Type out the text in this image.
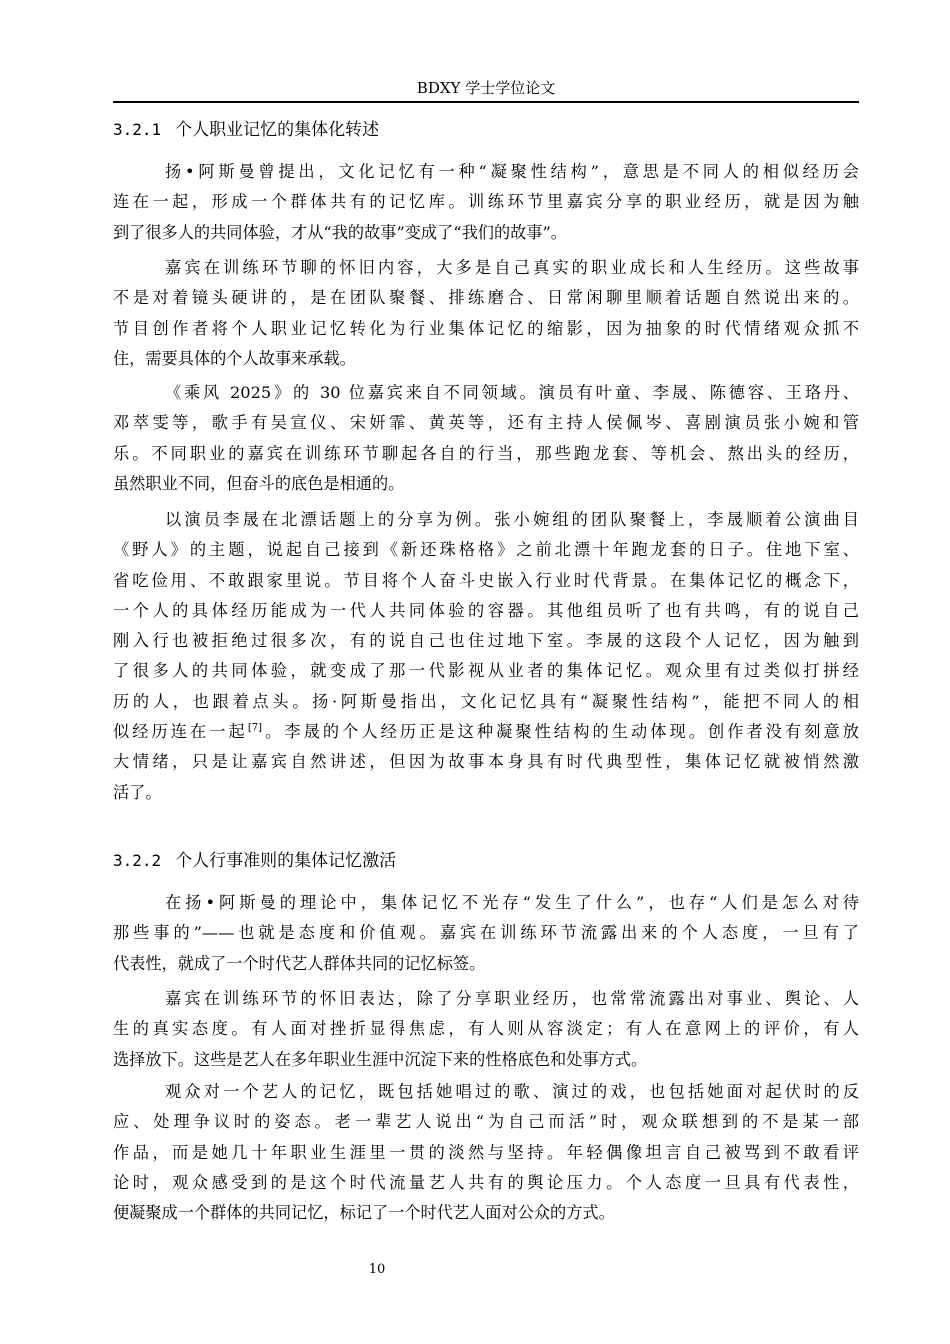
BDXY 学士学位论文
3.2.1 个人职业记忆的集体化转述
扬•阿斯曼曾提出，文化记忆有一种“凝聚性结构”，意思是不同人的相似经历会
连在一起，形成一个群体共有的记忆库。训练环节里嘉宾分享的职业经历，就是因为触
到了很多人的共同体验，才从“我的故事”变成了“我们的故事”。
嘉宾在训练环节聊的怀旧内容，大多是自己真实的职业成长和人生经历。这些故事
不是对着镜头硬讲的，是在团队聚餐、排练磨合、日常闲聊里顺着话题自然说出来的。
节目创作者将个人职业记忆转化为行业集体记忆的缩影，因为抽象的时代情绪观众抓不
住，需要具体的个人故事来承载。
《乘风 2025》的 30 位嘉宾来自不同领域。演员有叶童、李晟、陈德容、王珞丹、
邓萃雯等，歌手有吴宣仪、宋妍霏、黄英等，还有主持人侯佩岑、喜剧演员张小婉和管
乐。不同职业的嘉宾在训练环节聊起各自的行当，那些跑龙套、等机会、熬出头的经历，
虽然职业不同，但奋斗的底色是相通的。
以演员李晟在北漂话题上的分享为例。张小婉组的团队聚餐上，李晟顺着公演曲目
《野人》的主题，说起自己接到《新还珠格格》之前北漂十年跑龙套的日子。住地下室、
省吃俭用、不敢跟家里说。节目将个人奋斗史嵌入行业时代背景。在集体记忆的概念下，
一个人的具体经历能成为一代人共同体验的容器。其他组员听了也有共鸣，有的说自己
刚入行也被拒绝过很多次，有的说自己也住过地下室。李晟的这段个人记忆，因为触到
了很多人的共同体验，就变成了那一代影视从业者的集体记忆。观众里有过类似打拼经
历的人，也跟着点头。扬·阿斯曼指出，文化记忆具有“凝聚性结构”，能把不同人的相
似经历连在一起[7]。李晟的个人经历正是这种凝聚性结构的生动体现。创作者没有刻意放
大情绪，只是让嘉宾自然讲述，但因为故事本身具有时代典型性，集体记忆就被悄然激
活了。
3.2.2 个人行事准则的集体记忆激活
在扬•阿斯曼的理论中，集体记忆不光存“发生了什么”，也存“人们是怎么对待
那些事的”——也就是态度和价值观。嘉宾在训练环节流露出来的个人态度，一旦有了
代表性，就成了一个时代艺人群体共同的记忆标签。
嘉宾在训练环节的怀旧表达，除了分享职业经历，也常常流露出对事业、舆论、人
生的真实态度。有人面对挫折显得焦虑，有人则从容淡定；有人在意网上的评价，有人
选择放下。这些是艺人在多年职业生涯中沉淀下来的性格底色和处事方式。
观众对一个艺人的记忆，既包括她唱过的歌、演过的戏，也包括她面对起伏时的反
应、处理争议时的姿态。老一辈艺人说出“为自己而活”时，观众联想到的不是某一部
作品，而是她几十年职业生涯里一贯的淡然与坚持。年轻偶像坦言自己被骂到不敢看评
论时，观众感受到的是这个时代流量艺人共有的舆论压力。个人态度一旦具有代表性，
便凝聚成一个群体的共同记忆，标记了一个时代艺人面对公众的方式。
10
